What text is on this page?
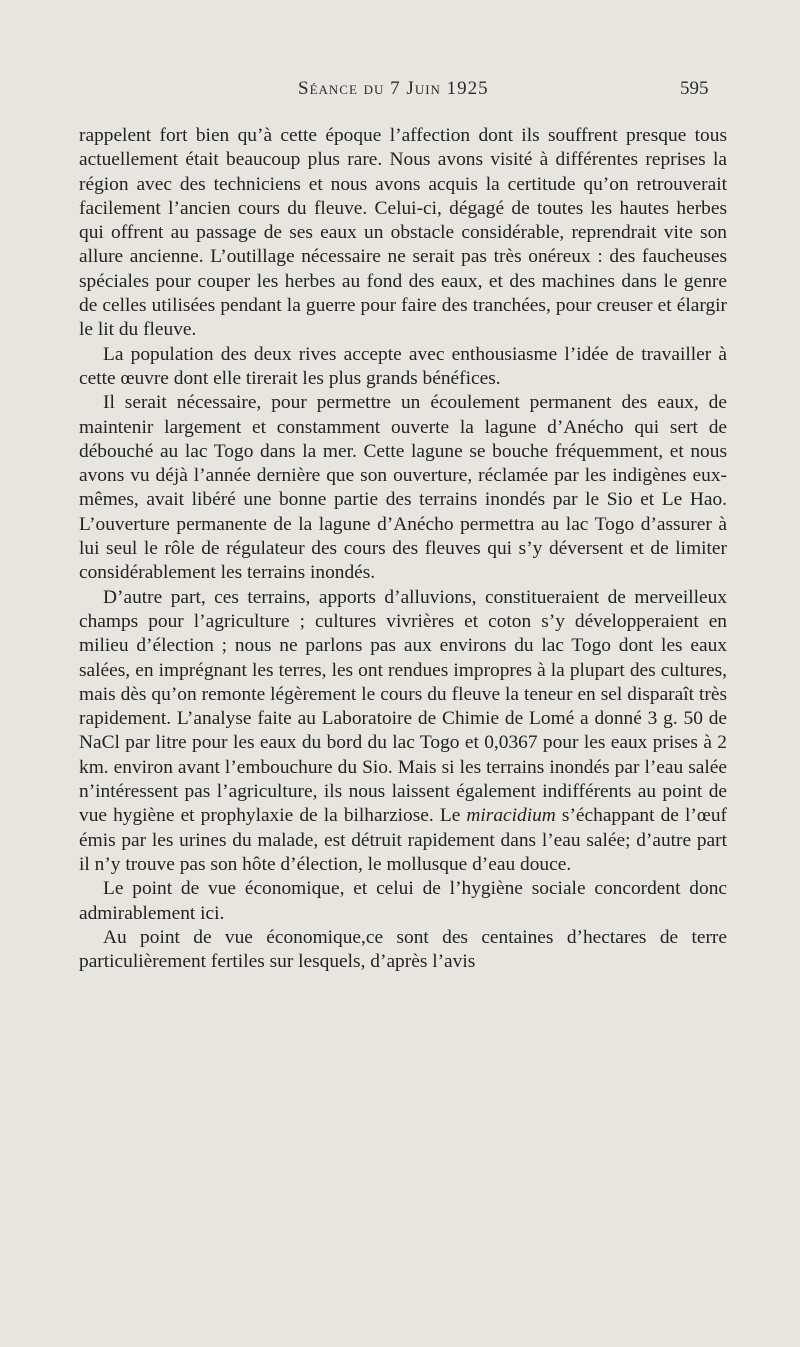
Séance du 7 Juin 1925	595

rappelent fort bien qu’à cette époque l’affection dont ils souffrent presque tous actuellement était beaucoup plus rare. Nous avons visité à différentes reprises la région avec des techniciens et nous avons acquis la certitude qu’on retrouverait facilement l’ancien cours du fleuve. Celui-ci, dégagé de toutes les hautes herbes qui offrent au passage de ses eaux un obstacle considérable, reprendrait vite son allure ancienne. L’outillage nécessaire ne serait pas très onéreux : des faucheuses spéciales pour couper les herbes au fond des eaux, et des machines dans le genre de celles utilisées pendant la guerre pour faire des tranchées, pour creuser et élargir le lit du fleuve.

La population des deux rives accepte avec enthousiasme l’idée de travailler à cette œuvre dont elle tirerait les plus grands bénéfices.

Il serait nécessaire, pour permettre un écoulement permanent des eaux, de maintenir largement et constamment ouverte la lagune d’Anécho qui sert de débouché au lac Togo dans la mer. Cette lagune se bouche fréquemment, et nous avons vu déjà l’année dernière que son ouverture, réclamée par les indigènes eux-mêmes, avait libéré une bonne partie des terrains inondés par le Sio et Le Hao. L’ouverture permanente de la lagune d’Anécho permettra au lac Togo d’assurer à lui seul le rôle de régulateur des cours des fleuves qui s’y déversent et de limiter considérablement les terrains inondés.

D’autre part, ces terrains, apports d’alluvions, constitueraient de merveilleux champs pour l’agriculture ; cultures vivrières et coton s’y développeraient en milieu d’élection ; nous ne parlons pas aux environs du lac Togo dont les eaux salées, en imprégnant les terres, les ont rendues impropres à la plupart des cultures, mais dès qu’on remonte légèrement le cours du fleuve la teneur en sel disparaît très rapidement. L’analyse faite au Laboratoire de Chimie de Lomé a donné 3 g. 50 de NaCl par litre pour les eaux du bord du lac Togo et 0,0367 pour les eaux prises à 2 km. environ avant l’embouchure du Sio. Mais si les terrains inondés par l’eau salée n’intéressent pas l’agriculture, ils nous laissent également indifférents au point de vue hygiène et prophylaxie de la bilharziose. Le miracidium s’échappant de l’œuf émis par les urines du malade, est détruit rapidement dans l’eau salée; d’autre part il n’y trouve pas son hôte d’élection, le mollusque d’eau douce.

Le point de vue économique, et celui de l’hygiène sociale concordent donc admirablement ici.

Au point de vue économique,ce sont des centaines d’hectares de terre particulièrement fertiles sur lesquels, d’après l’avis
